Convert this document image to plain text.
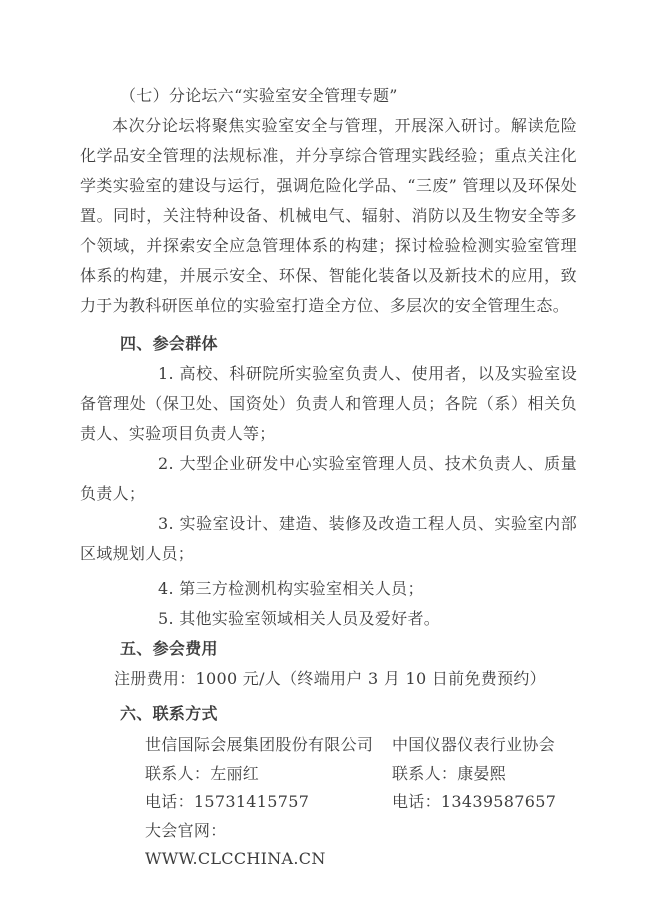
（七）分论坛六“实验室安全管理专题”

本次分论坛将聚焦实验室安全与管理，开展深入研讨。解读危险化学品安全管理的法规标准，并分享综合管理实践经验；重点关注化学类实验室的建设与运行，强调危险化学品、“三废” 管理以及环保处置。同时，关注特种设备、机械电气、辐射、消防以及生物安全等多个领域，并探索安全应急管理体系的构建；探讨检验检测实验室管理体系的构建，并展示安全、环保、智能化装备以及新技术的应用，致力于为教科研医单位的实验室打造全方位、多层次的安全管理生态。

四、参会群体

1. 高校、科研院所实验室负责人、使用者，以及实验室设备管理处（保卫处、国资处）负责人和管理人员；各院（系）相关负责人、实验项目负责人等；

2. 大型企业研发中心实验室管理人员、技术负责人、质量负责人；

3. 实验室设计、建造、装修及改造工程人员、实验室内部区域规划人员；

4. 第三方检测机构实验室相关人员；

5. 其他实验室领域相关人员及爱好者。

五、参会费用

注册费用：1000 元/人（终端用户 3 月 10 日前免费预约）

六、联系方式

世信国际会展集团股份有限公司	中国仪器仪表行业协会
联系人：左丽红	联系人：康晏熙
电话：15731415757	电话：13439587657
大会官网：WWW.CLCCHINA.CN
